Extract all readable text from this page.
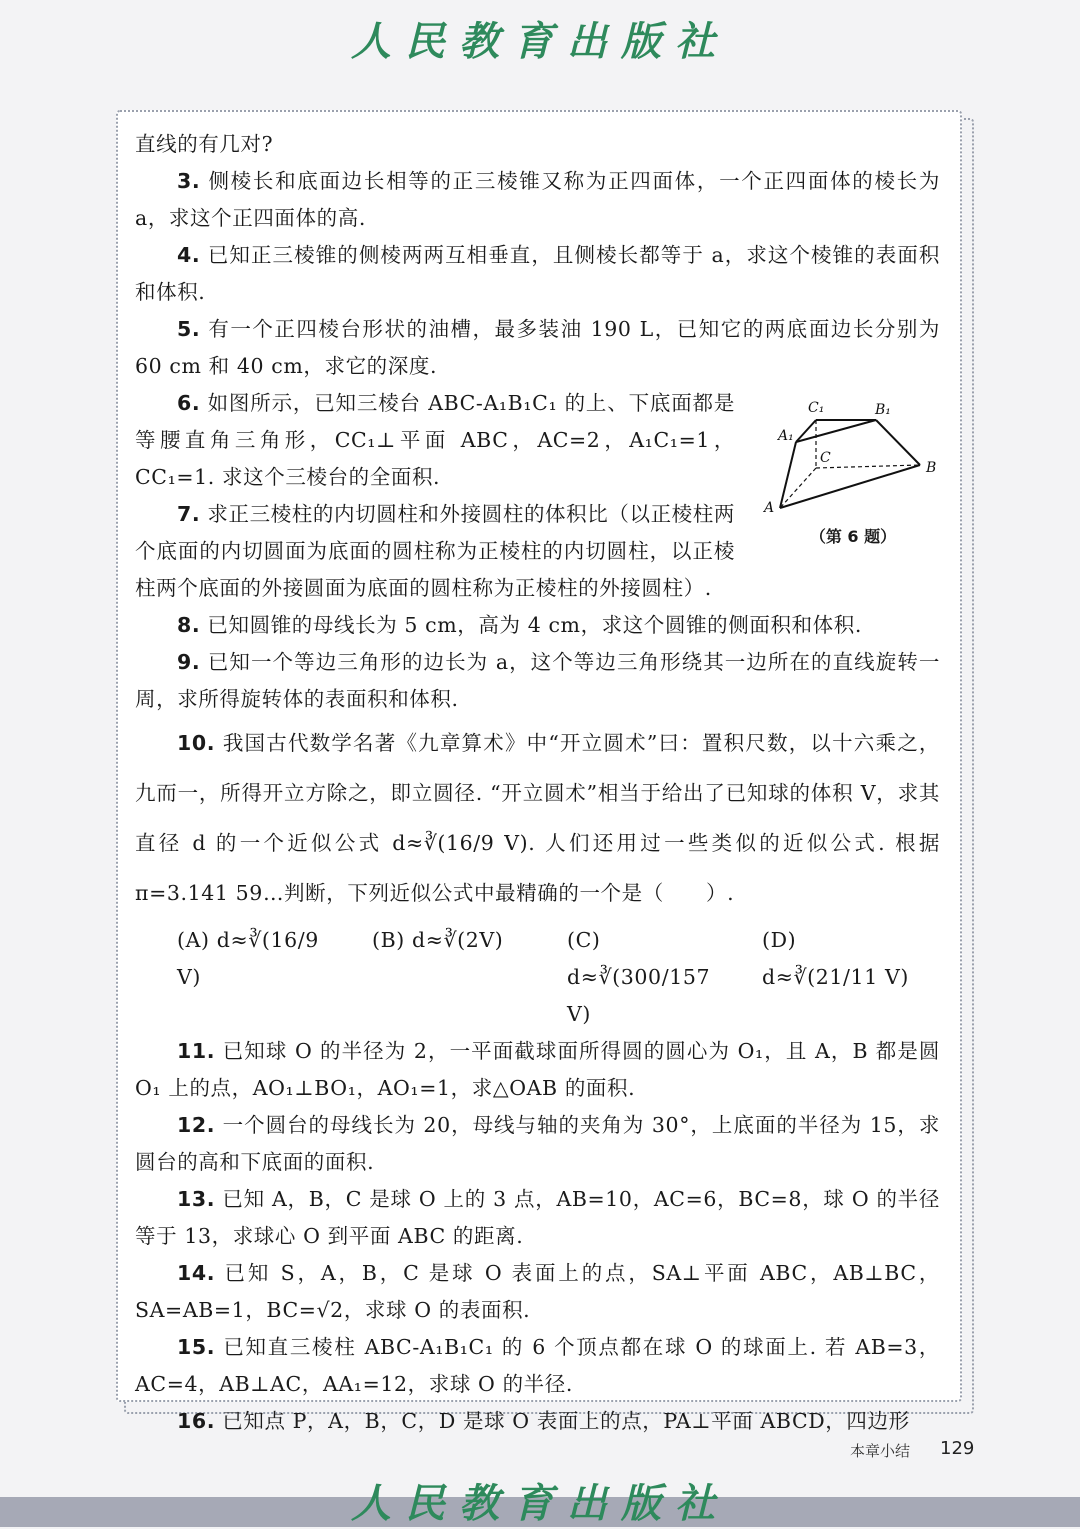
人民教育出版社

直线的有几对?

3. 侧棱长和底面边长相等的正三棱锥又称为正四面体，一个正四面体的棱长为 a，求这个正四面体的高.

4. 已知正三棱锥的侧棱两两互相垂直，且侧棱长都等于 a，求这个棱锥的表面积和体积.

5. 有一个正四棱台形状的油槽，最多装油 190 L，已知它的两底面边长分别为 60 cm 和 40 cm，求它的深度.

6. 如图所示，已知三棱台 ABC-A₁B₁C₁ 的上、下底面都是等腰直角三角形，CC₁⊥平面 ABC，AC=2，A₁C₁=1，CC₁=1. 求这个三棱台的全面积.

7. 求正三棱柱的内切圆柱和外接圆柱的体积比（以正棱柱两个底面的内切圆面为底面的圆柱称为正棱柱的内切圆柱，以正棱柱两个底面的外接圆面为底面的圆柱称为正棱柱的外接圆柱）.

8. 已知圆锥的母线长为 5 cm，高为 4 cm，求这个圆锥的侧面积和体积.

9. 已知一个等边三角形的边长为 a，这个等边三角形绕其一边所在的直线旋转一周，求所得旋转体的表面积和体积.

10. 我国古代数学名著《九章算术》中“开立圆术”曰：置积尺数，以十六乘之，九而一，所得开立方除之，即立圆径. “开立圆术”相当于给出了已知球的体积 V，求其直径 d 的一个近似公式 d≈∛(16/9 V). 人们还用过一些类似的近似公式. 根据 π=3.141 59…判断，下列近似公式中最精确的一个是（　　）.

(A) d≈∛(16/9 V)
(B) d≈∛(2V)	(C) d≈∛(300/157 V)
(D) d≈∛(21/11 V)

11. 已知球 O 的半径为 2，一平面截球面所得圆的圆心为 O₁，且 A，B 都是圆 O₁ 上的点，AO₁⊥BO₁，AO₁=1，求△OAB 的面积.

12. 一个圆台的母线长为 20，母线与轴的夹角为 30°，上底面的半径为 15，求圆台的高和下底面的面积.

13. 已知 A，B，C 是球 O 上的 3 点，AB=10，AC=6，BC=8，球 O 的半径等于 13，求球心 O 到平面 ABC 的距离.

14. 已知 S，A，B，C 是球 O 表面上的点，SA⊥平面 ABC，AB⊥BC，SA=AB=1，BC=√2，求球 O 的表面积.

15. 已知直三棱柱 ABC-A₁B₁C₁ 的 6 个顶点都在球 O 的球面上. 若 AB=3，AC=4，AB⊥AC，AA₁=12，求球 O 的半径.

16. 已知点 P，A，B，C，D 是球 O 表面上的点，PA⊥平面 ABCD，四边形

C₁	B₁
A₁
C
B
A
（第 6 题）
本章小结 129
人民教育出版社
